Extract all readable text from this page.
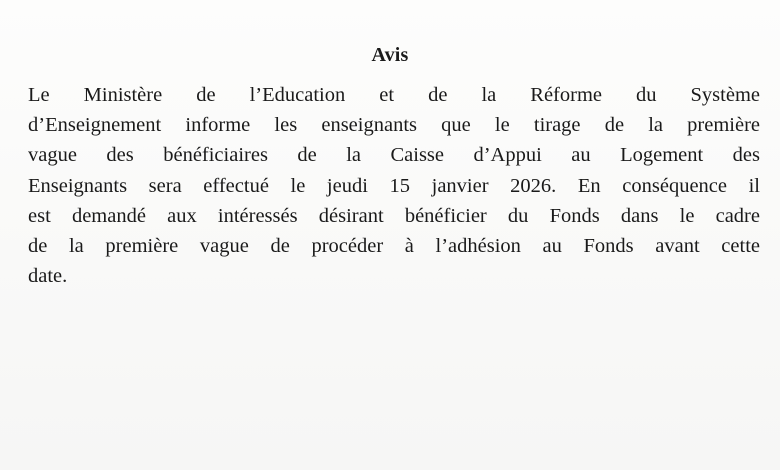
Avis

Le Ministère de l’Education et de la Réforme du Système
d’Enseignement informe les enseignants que le tirage de la première
vague des bénéficiaires de la Caisse d’Appui au Logement des
Enseignants sera effectué le jeudi 15 janvier 2026. En conséquence il
est demandé aux intéressés désirant bénéficier du Fonds dans le cadre
de la première vague de procéder à l’adhésion au Fonds avant cette
date.
